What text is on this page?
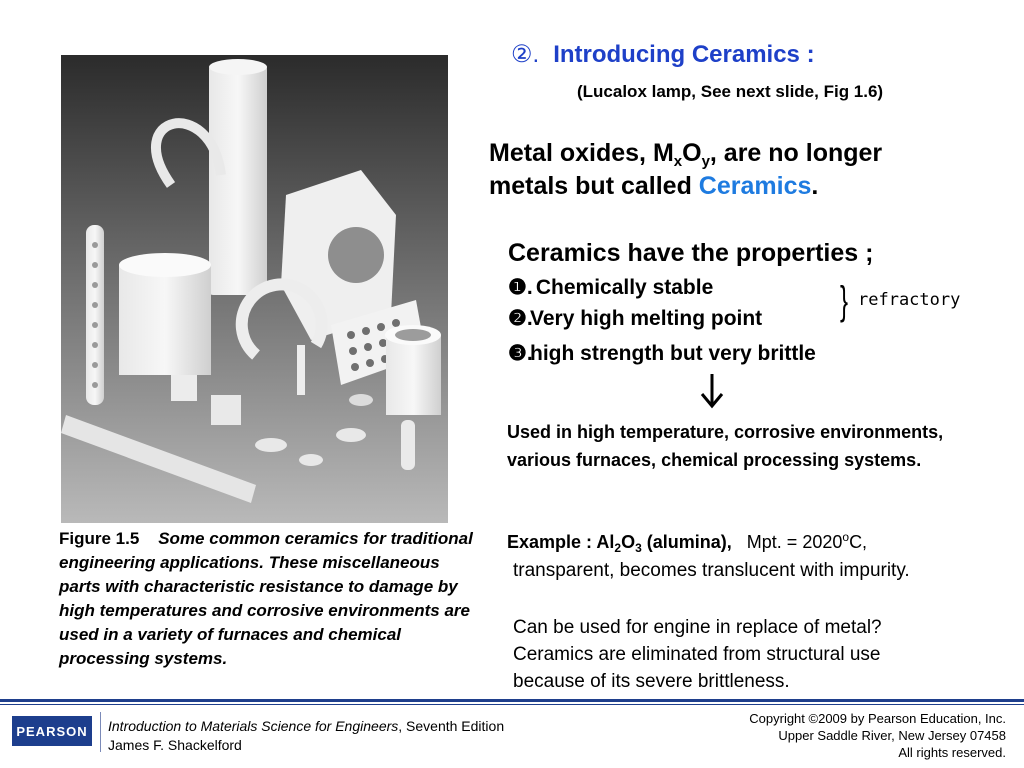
Figure 1.5 Some common ceramics for traditional engineering applications. These miscellaneous parts with characteristic resistance to damage by high temperatures and corrosive environments are used in a variety of furnaces and chemical processing systems.
②. Introducing Ceramics :
(Lucalox lamp, See next slide, Fig 1.6)
Metal oxides, $M_xO_y$, are no longer
metals but called Ceramics.
Ceramics have the properties ;
❶. Chemically stable
❷.Very high melting point
❸.high strength but very brittle
} refractory
Used in high temperature, corrosive environments, various furnaces, chemical processing systems.
Example : $Al_2O_3$ (alumina), Mpt. = $2020^oC$,
transparent, becomes translucent with impurity.
Can be used for engine in replace of metal?
Ceramics are eliminated from structural use
because of its severe brittleness.
PEARSON	Introduction to Materials Science for Engineers, Seventh Edition
James F. Shackelford
Copyright ©2009 by Pearson Education, Inc.
Upper Saddle River, New Jersey 07458
All rights reserved.
